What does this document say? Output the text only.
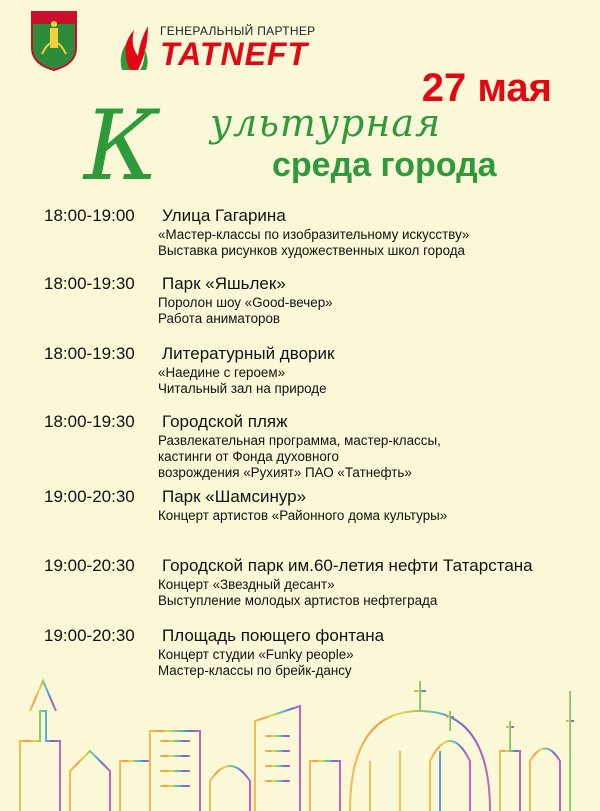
ГЕНЕРАЛЬНЫЙ ПАРТНЕР
TATNEFT
27 мая
К ультурная
среда города
18:00-19:00 Улица Гагарина
«Мастер-классы по изобразительному искусству»
Выставка рисунков художественных школ города
18:00-19:30 Парк «Яшьлек»
Поролон шоу «Good-вечер»
Работа аниматоров
18:00-19:30 Литературный дворик
«Наедине с героем»
Читальный зал на природе
18:00-19:30 Городской пляж
Развлекательная программа, мастер-классы,
кастинги от Фонда духовного
возрождения «Рухият» ПАО «Татнефть»
19:00-20:30 Парк «Шамсинур»
Концерт артистов «Районного дома культуры»
19:00-20:30 Городской парк им.60-летия нефти Татарстана
Концерт «Звездный десант»
Выступление молодых артистов нефтеграда
19:00-20:30 Площадь поющего фонтана
Концерт студии «Funky people»
Мастер-классы по брейк-дансу
